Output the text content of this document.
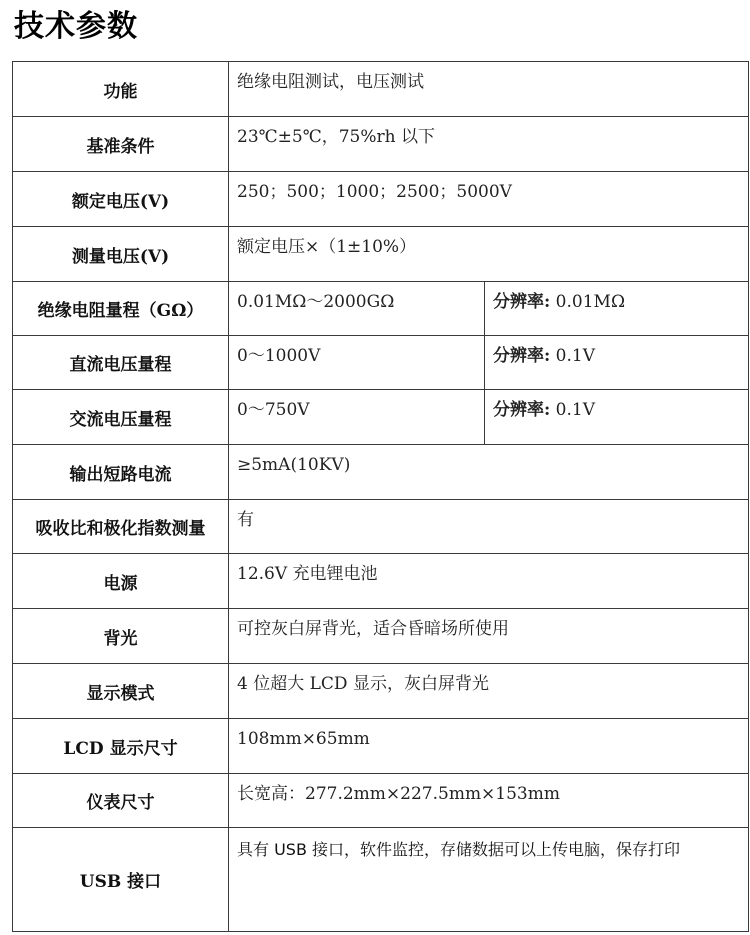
技术参数
功能	绝缘电阻测试，电压测试	
基准条件	23℃±5℃，75%rh 以下	
额定电压(V)	250；500；1000；2500；5000V	
测量电压(V)	额定电压×（1±10%）	
绝缘电阻量程（GΩ）	0.01MΩ～2000GΩ	分辨率: 0.01MΩ
直流电压量程	0～1000V	分辨率: 0.1V
交流电压量程	0～750V	分辨率: 0.1V
输出短路电流	≥5mA(10KV)	
吸收比和极化指数测量	有	
电源	12.6V 充电锂电池	
背光	可控灰白屏背光，适合昏暗场所使用	
显示模式	4 位超大 LCD 显示，灰白屏背光	
LCD 显示尺寸	108mm×65mm	
仪表尺寸	长宽高：277.2mm×227.5mm×153mm	
USB 接口	具有 USB 接口，软件监控，存储数据可以上传电脑，保存打印	
